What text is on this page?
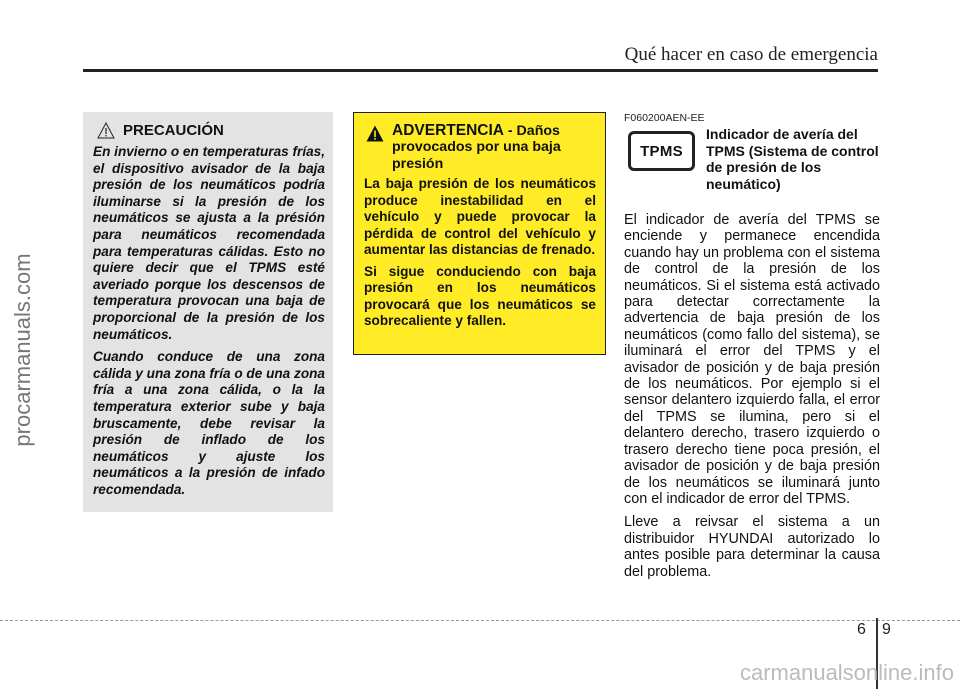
Qué hacer en caso de emergencia
procarmanuals.com
PRECAUCIÓN

En invierno o en temperaturas frías, el dispositivo avisador de la baja presión de los neumáticos podría iluminarse si la presión de los neumáticos se ajusta a la présión para neumáticos recomendada para temperaturas cálidas. Esto no quiere decir que el TPMS esté averiado porque los descensos de temperatura provocan una baja de proporcional de la presión de los neumáticos.

Cuando conduce de una zona cálida y una zona fría o de una zona fría a una zona cálida, o la la temperatura exterior sube y baja bruscamente, debe revisar la presión de inflado de los neumáticos y ajuste los neumáticos a la presión de infado recomendada.

ADVERTENCIA - Daños provocados por una baja presión

La baja presión de los neumáticos produce inestabilidad en el vehículo y puede provocar la pérdida de control del vehículo y aumentar las distancias de frenado.

Si sigue conduciendo con baja presión en los neumáticos provocará que los neumáticos se sobrecaliente y fallen.

F060200AEN-EE
TPMS
Indicador de avería del TPMS (Sistema de control de presión de los neumático)

El indicador de avería del TPMS se enciende y permanece encendida cuando hay un problema con el sistema de control de la presión de los neumáticos. Si el sistema está activado para detectar correctamente la advertencia de baja presión de los neumáticos (como fallo del sistema), se iluminará el error del TPMS y el avisador de posición y de baja presión de los neumáticos. Por ejemplo si el sensor delantero izquierdo falla, el error del TPMS se ilumina, pero si el delantero derecho, trasero izquierdo o trasero derecho tiene poca presión, el avisador de posición y de baja presión de los neumáticos se iluminará junto con el indicador de error del TPMS.

Lleve a reivsar el sistema a un distribuidor HYUNDAI autorizado lo antes posible para determinar la causa del problema.

6 9
carmanualsonline.info
